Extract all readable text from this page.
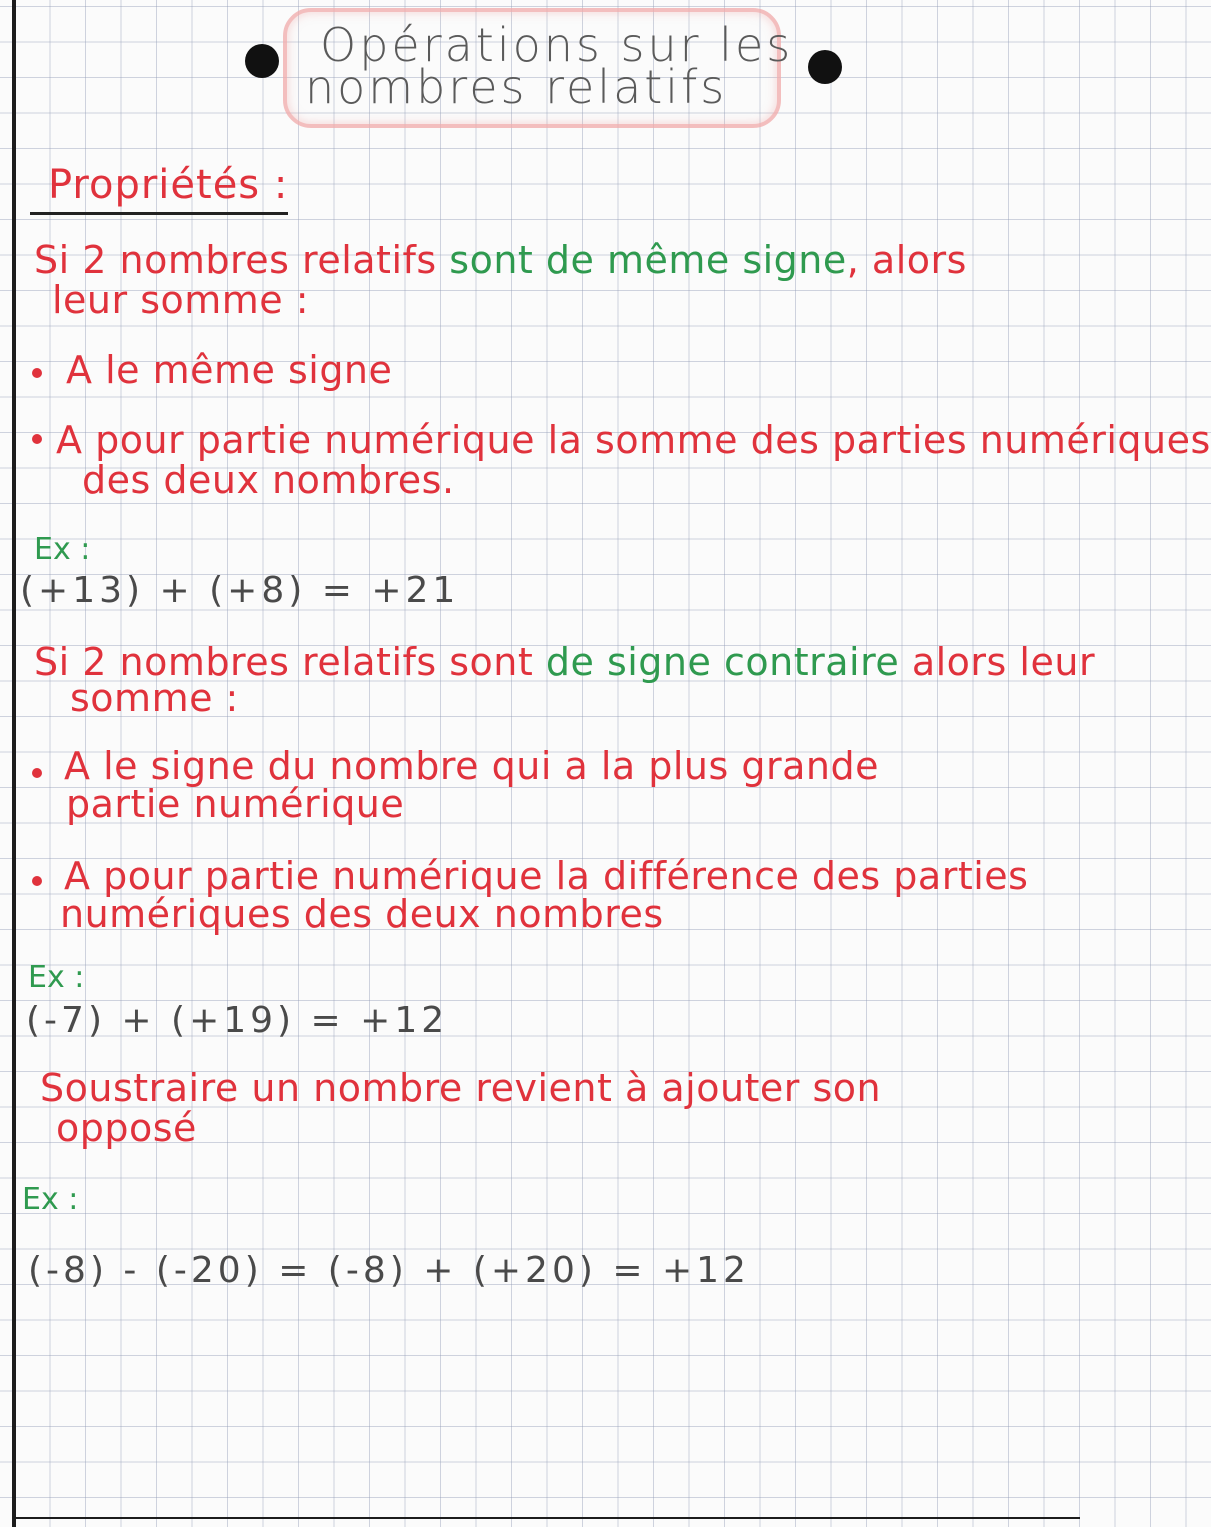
Opérations sur les
nombres relatifs
Propriétés :
Si 2 nombres relatifs sont de même signe, alors
leur somme :
A le même signe
A pour partie numérique la somme des parties numériques
des deux nombres.
Ex :
(+13) + (+8) = +21
Si 2 nombres relatifs sont de signe contraire alors leur
somme :
A le signe du nombre qui a la plus grande
partie numérique
A pour partie numérique la différence des parties
numériques des deux nombres
Ex :
(-7) + (+19) = +12
Soustraire un nombre revient à ajouter son
opposé
Ex :
(-8) - (-20) = (-8) + (+20) = +12
